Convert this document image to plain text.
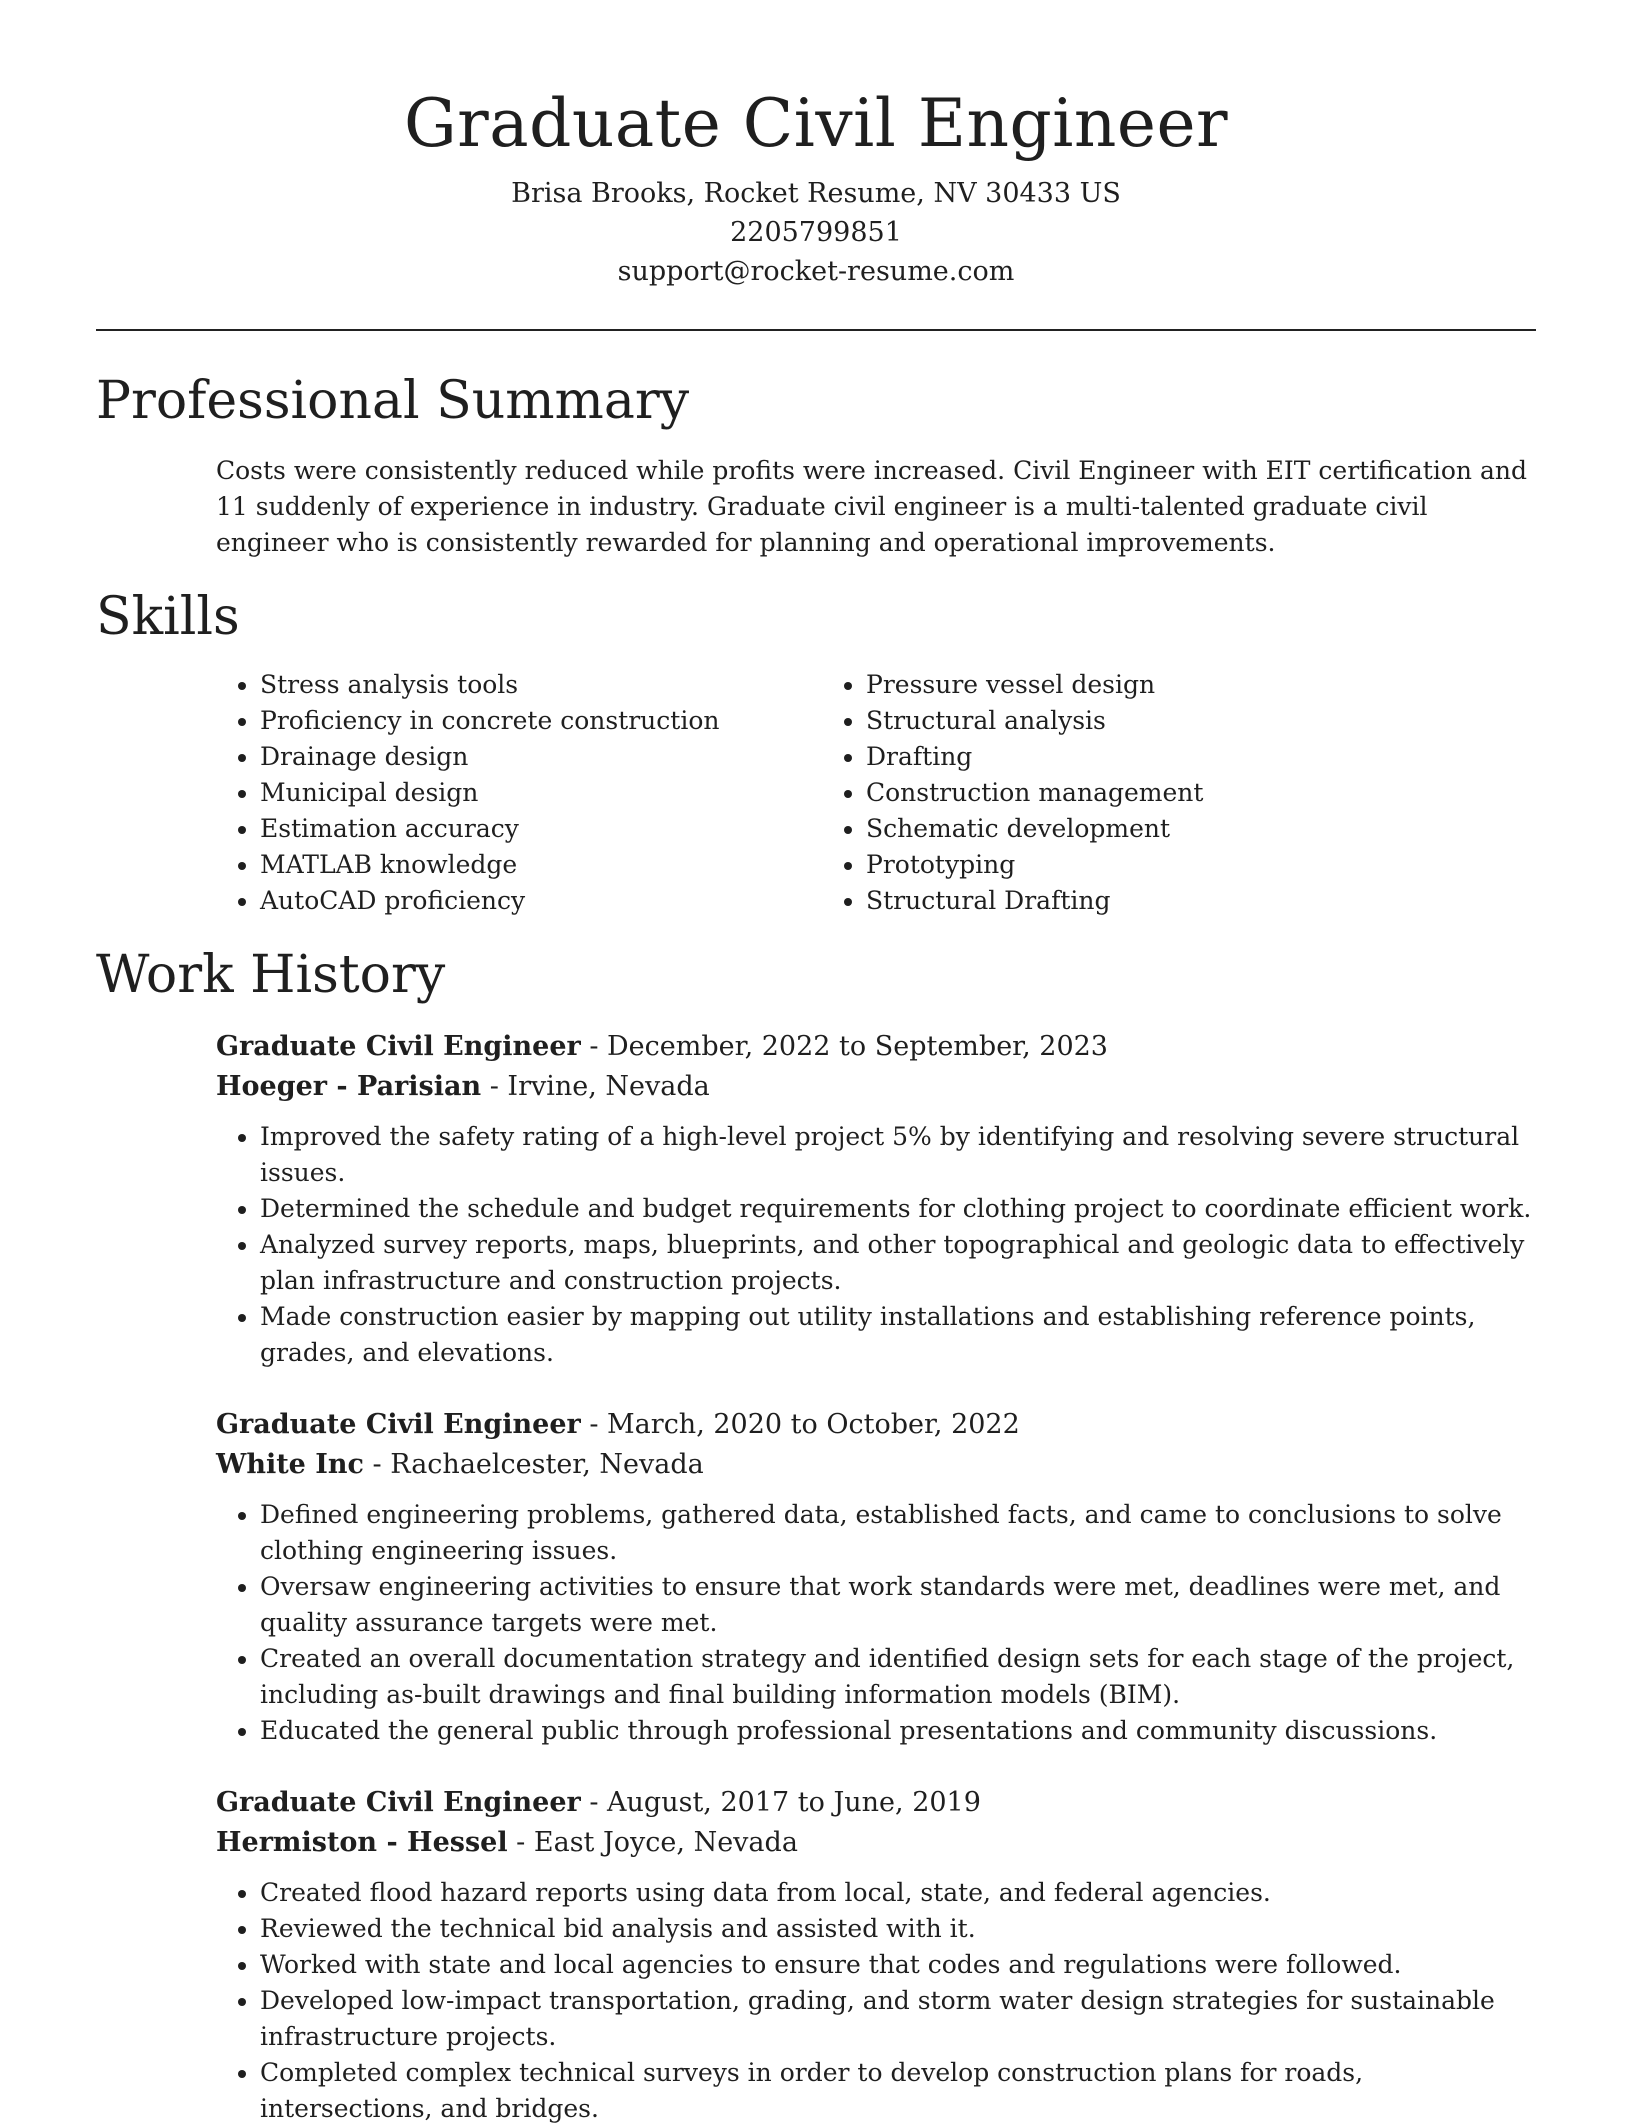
Graduate Civil Engineer
Brisa Brooks, Rocket Resume, NV 30433 US
2205799851
support@rocket-resume.com
Professional Summary
Costs were consistently reduced while profits were increased. Civil Engineer with EIT certification and 11 suddenly of experience in industry. Graduate civil engineer is a multi-talented graduate civil engineer who is consistently rewarded for planning and operational improvements.
Skills
• Stress analysis tools
• Proficiency in concrete construction
• Drainage design
• Municipal design
• Estimation accuracy
• MATLAB knowledge
• AutoCAD proficiency
• Pressure vessel design
• Structural analysis
• Drafting
• Construction management
• Schematic development
• Prototyping
• Structural Drafting
Work History
Graduate Civil Engineer - December, 2022 to September, 2023
Hoeger - Parisian - Irvine, Nevada
• Improved the safety rating of a high-level project 5% by identifying and resolving severe structural issues.
• Determined the schedule and budget requirements for clothing project to coordinate efficient work.
• Analyzed survey reports, maps, blueprints, and other topographical and geologic data to effectively plan infrastructure and construction projects.
• Made construction easier by mapping out utility installations and establishing reference points, grades, and elevations.
Graduate Civil Engineer - March, 2020 to October, 2022
White Inc - Rachaelcester, Nevada
• Defined engineering problems, gathered data, established facts, and came to conclusions to solve clothing engineering issues.
• Oversaw engineering activities to ensure that work standards were met, deadlines were met, and quality assurance targets were met.
• Created an overall documentation strategy and identified design sets for each stage of the project, including as-built drawings and final building information models (BIM).
• Educated the general public through professional presentations and community discussions.
Graduate Civil Engineer - August, 2017 to June, 2019
Hermiston - Hessel - East Joyce, Nevada
• Created flood hazard reports using data from local, state, and federal agencies.
• Reviewed the technical bid analysis and assisted with it.
• Worked with state and local agencies to ensure that codes and regulations were followed.
• Developed low-impact transportation, grading, and storm water design strategies for sustainable infrastructure projects.
• Completed complex technical surveys in order to develop construction plans for roads, intersections, and bridges.
